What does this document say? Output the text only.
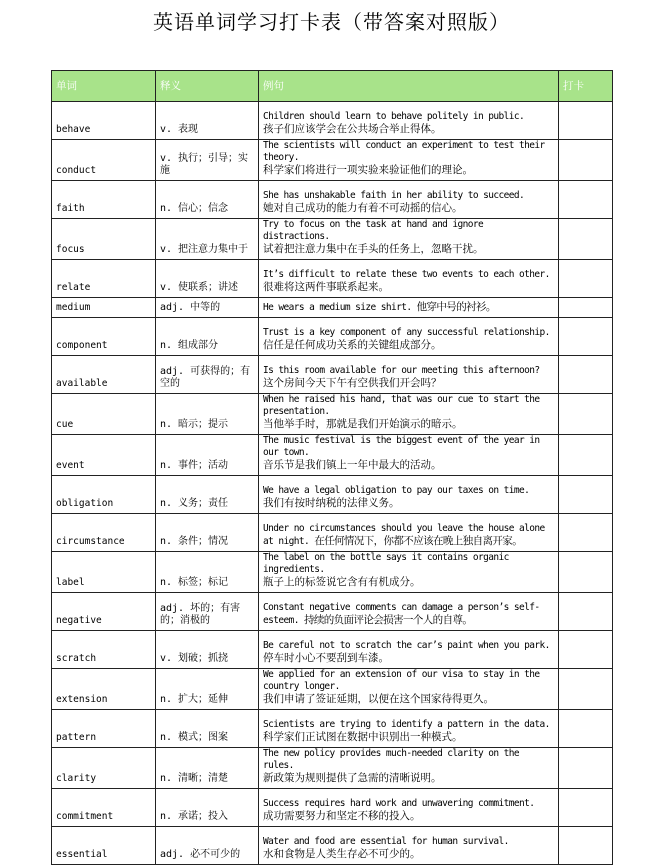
英语单词学习打卡表（带答案对照版）
单词	释义	例句	打卡
behave	v. 表现	Children should learn to behave politely in public.
孩子们应该学会在公共场合举止得体。	

conduct	v. 执行；引导；实施	The scientists will conduct an experiment to test their theory.
科学家们将进行一项实验来验证他们的理论。	

faith	n. 信心；信念	She has unshakable faith in her ability to succeed.
她对自己成功的能力有着不可动摇的信心。	

focus	v. 把注意力集中于	Try to focus on the task at hand and ignore distractions.
试着把注意力集中在手头的任务上，忽略干扰。	

relate	v. 使联系；讲述	It’s difficult to relate these two events to each other.
很难将这两件事联系起来。	

medium	adj. 中等的	He wears a medium size shirt. 他穿中号的衬衫。	

component	n. 组成部分	Trust is a key component of any successful relationship.
信任是任何成功关系的关键组成部分。	

available	adj. 可获得的；有空的	Is this room available for our meeting this afternoon?
这个房间今天下午有空供我们开会吗？	

cue	n. 暗示；提示	When he raised his hand, that was our cue to start the presentation.
当他举手时，那就是我们开始演示的暗示。	

event	n. 事件；活动	The music festival is the biggest event of the year in our town.
音乐节是我们镇上一年中最大的活动。	

obligation	n. 义务；责任	We have a legal obligation to pay our taxes on time.
我们有按时纳税的法律义务。	

circumstance	n. 条件；情况	Under no circumstances should you leave the house alone at night. 在任何情况下，你都不应该在晚上独自离开家。	

label	n. 标签；标记	The label on the bottle says it contains organic ingredients.
瓶子上的标签说它含有有机成分。	

negative	adj. 坏的；有害的；消极的	Constant negative comments can damage a person’s self-esteem. 持续的负面评论会损害一个人的自尊。	

scratch	v. 划破；抓挠	Be careful not to scratch the car’s paint when you park.
停车时小心不要刮到车漆。	

extension	n. 扩大；延伸	We applied for an extension of our visa to stay in the country longer.
我们申请了签证延期，以便在这个国家待得更久。	

pattern	n. 模式；图案	Scientists are trying to identify a pattern in the data.
科学家们正试图在数据中识别出一种模式。	

clarity	n. 清晰；清楚	The new policy provides much-needed clarity on the rules.
新政策为规则提供了急需的清晰说明。	

commitment	n. 承诺；投入	Success requires hard work and unwavering commitment.
成功需要努力和坚定不移的投入。	

essential	adj. 必不可少的	Water and food are essential for human survival.
水和食物是人类生存必不可少的。	
